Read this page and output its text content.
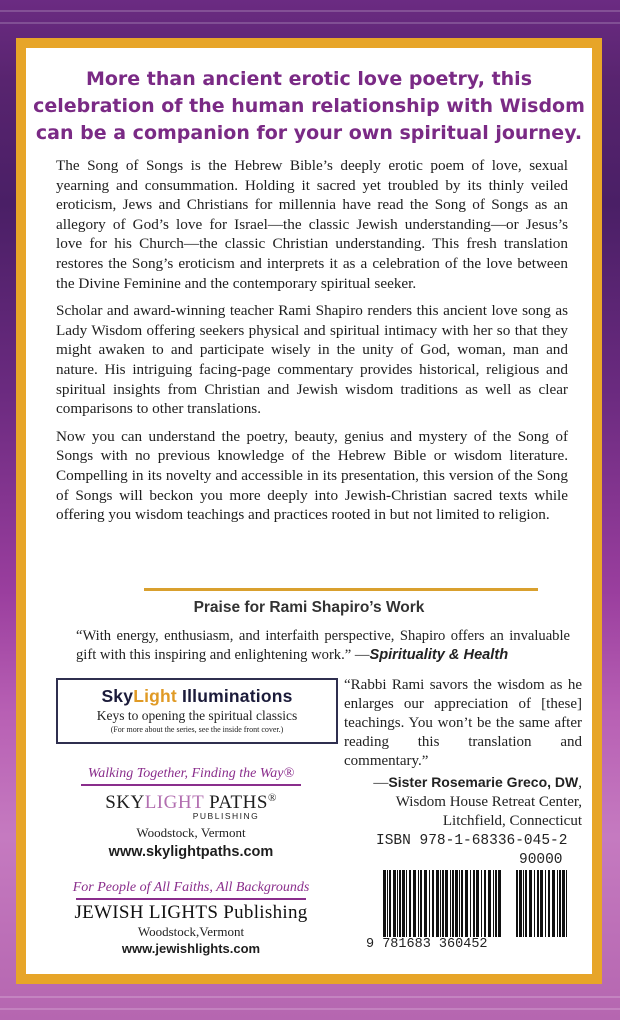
More than ancient erotic love poetry, this
celebration of the human relationship with Wisdom
can be a companion for your own spiritual journey.

The Song of Songs is the Hebrew Bible’s deeply erotic poem of love, sexual yearning and consummation. Holding it sacred yet troubled by its thinly veiled eroticism, Jews and Christians for millennia have read the Song of Songs as an allegory of God’s love for Israel—the classic Jewish understanding—or Jesus’s love for his Church—the classic Christian understanding. This fresh translation restores the Song’s eroticism and interprets it as a celebration of the love between the Divine Feminine and the contemporary spiritual seeker.

Scholar and award-winning teacher Rami Shapiro renders this ancient love song as Lady Wisdom offering seekers physical and spiritual intimacy with her so that they might awaken to and participate wisely in the unity of God, woman, man and nature. His intriguing facing-page commentary provides historical, religious and spiritual insights from Christian and Jewish wisdom traditions as well as clear comparisons to other translations.

Now you can understand the poetry, beauty, genius and mystery of the Song of Songs with no previous knowledge of the Hebrew Bible or wisdom literature. Compelling in its novelty and accessible in its presentation, this version of the Song of Songs will beckon you more deeply into Jewish-Christian sacred texts while offering you wisdom teachings and practices rooted in but not limited to religion.

Praise for Rami Shapiro’s Work
“With energy, enthusiasm, and interfaith perspective, Shapiro offers an invaluable gift with this inspiring and enlightening work.” —Spirituality & Health
SkyLight Illuminations
Keys to opening the spiritual classics
(For more about the series, see the inside front cover.)
“Rabbi Rami savors the wisdom as he enlarges our appreciation of [these] teachings. You won’t be the same after reading this translation and commentary.”
—Sister Rosemarie Greco, DW,
Wisdom House Retreat Center,
Litchfield, Connecticut
Walking Together, Finding the Way®
SKYLIGHT PATHS®
PUBLISHING
Woodstock, Vermont
www.skylightpaths.com
For People of All Faiths, All Backgrounds
JEWISH LIGHTS Publishing
Woodstock,Vermont
www.jewishlights.com
ISBN 978-1-68336-045-2
90000
9 781683 360452
